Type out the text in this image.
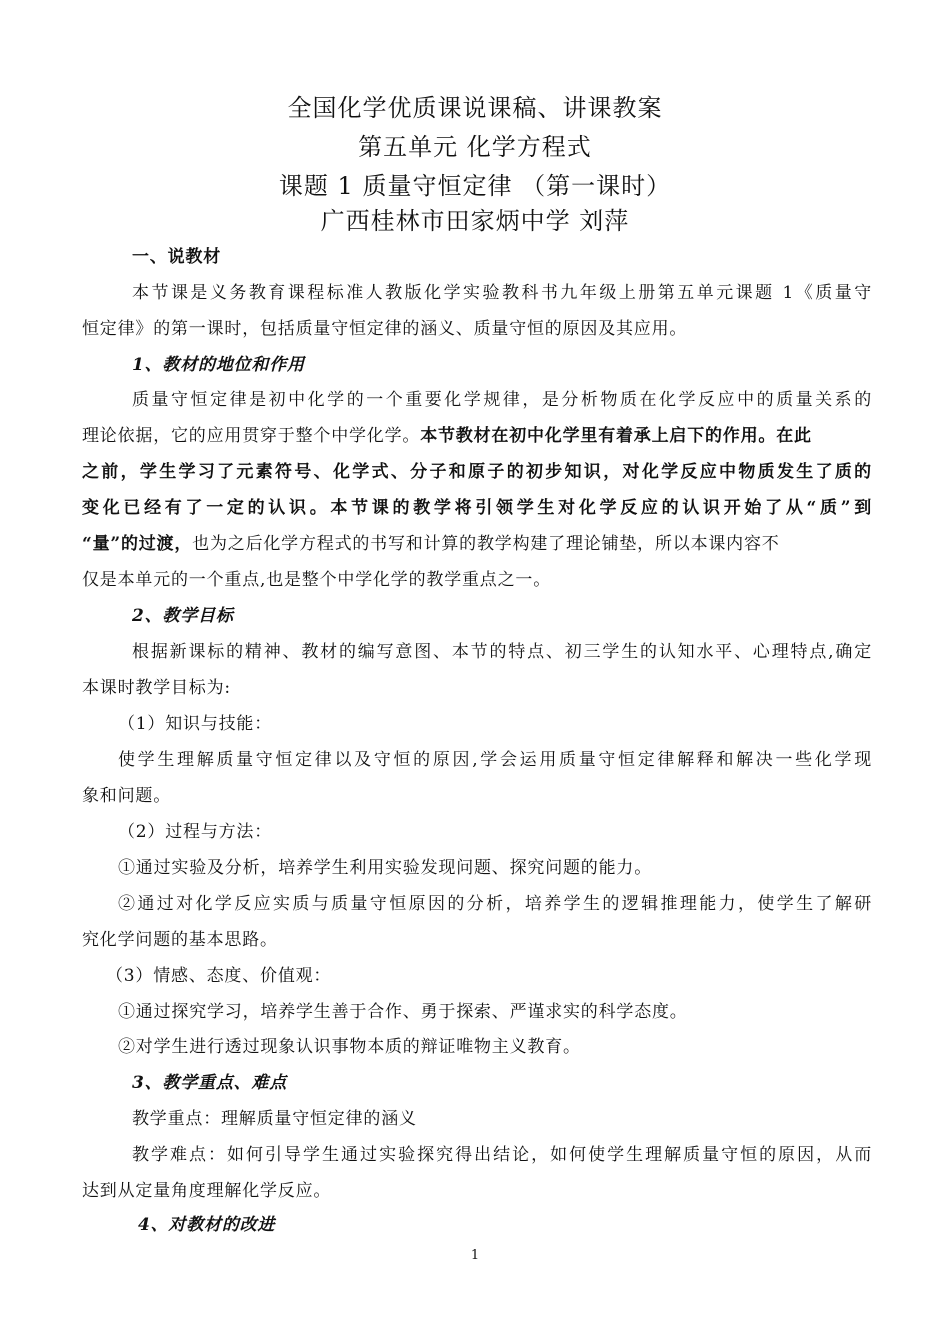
全国化学优质课说课稿、讲课教案
第五单元 化学方程式
课题 1 质量守恒定律 （第一课时）
广西桂林市田家炳中学 刘萍
一、说教材
本节课是义务教育课程标准人教版化学实验教科书九年级上册第五单元课题 1《质量守
恒定律》的第一课时，包括质量守恒定律的涵义、质量守恒的原因及其应用。
1、教材的地位和作用
质量守恒定律是初中化学的一个重要化学规律，是分析物质在化学反应中的质量关系的
理论依据，它的应用贯穿于整个中学化学。本节教材在初中化学里有着承上启下的作用。在此
之前，学生学习了元素符号、化学式、分子和原子的初步知识，对化学反应中物质发生了质的
变化已经有了一定的认识。本节课的教学将引领学生对化学反应的认识开始了从“质”到
“量”的过渡，也为之后化学方程式的书写和计算的教学构建了理论铺垫，所以本课内容不
仅是本单元的一个重点,也是整个中学化学的教学重点之一。
2、教学目标
根据新课标的精神、教材的编写意图、本节的特点、初三学生的认知水平、心理特点,确定
本课时教学目标为:
（1）知识与技能：
使学生理解质量守恒定律以及守恒的原因,学会运用质量守恒定律解释和解决一些化学现
象和问题。
（2）过程与方法：
①通过实验及分析，培养学生利用实验发现问题、探究问题的能力。
②通过对化学反应实质与质量守恒原因的分析，培养学生的逻辑推理能力，使学生了解研
究化学问题的基本思路。
（3）情感、态度、价值观：
①通过探究学习，培养学生善于合作、勇于探索、严谨求实的科学态度。
②对学生进行透过现象认识事物本质的辩证唯物主义教育。
3、教学重点、难点
教学重点：理解质量守恒定律的涵义
教学难点：如何引导学生通过实验探究得出结论，如何使学生理解质量守恒的原因，从而
达到从定量角度理解化学反应。
4、对教材的改进
1
